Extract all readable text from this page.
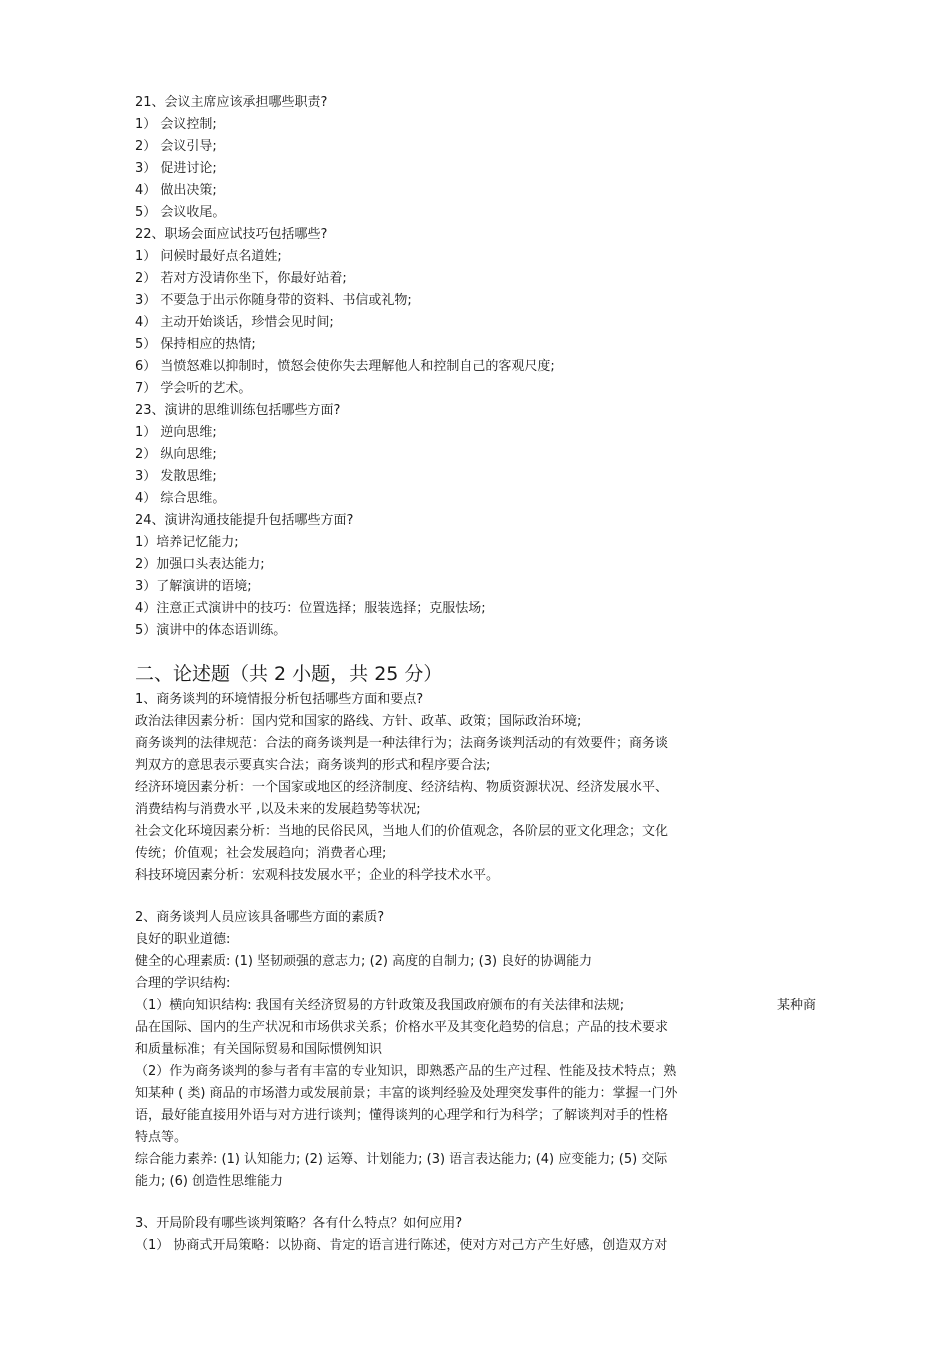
21、会议主席应该承担哪些职责?
1） 会议控制;
2） 会议引导;
3） 促进讨论;
4） 做出决策;
5） 会议收尾。
22、职场会面应试技巧包括哪些?
1） 问候时最好点名道姓;
2） 若对方没请你坐下，你最好站着;
3） 不要急于出示你随身带的资料、书信或礼物;
4） 主动开始谈话，珍惜会见时间;
5） 保持相应的热情;
6） 当愤怒难以抑制时，愤怒会使你失去理解他人和控制自己的客观尺度;
7） 学会听的艺术。
23、演讲的思维训练包括哪些方面?
1） 逆向思维;
2） 纵向思维;
3） 发散思维;
4） 综合思维。
24、演讲沟通技能提升包括哪些方面?
1）培养记忆能力;
2）加强口头表达能力;
3）了解演讲的语境;
4）注意正式演讲中的技巧：位置选择；服装选择；克服怯场;
5）演讲中的体态语训练。
二、论述题（共 2 小题，共 25 分）
1、商务谈判的环境情报分析包括哪些方面和要点?
政治法律因素分析：国内党和国家的路线、方针、政革、政策；国际政治环境;
商务谈判的法律规范：合法的商务谈判是一种法律行为；法商务谈判活动的有效要件；商务谈
判双方的意思表示要真实合法；商务谈判的形式和程序要合法;
经济环境因素分析：一个国家或地区的经济制度、经济结构、物质资源状况、经济发展水平、
消费结构与消费水平 ,以及未来的发展趋势等状况;
社会文化环境因素分析：当地的民俗民风，当地人们的价值观念，各阶层的亚文化理念；文化
传统；价值观；社会发展趋向；消费者心理;
科技环境因素分析：宏观科技发展水平；企业的科学技术水平。
2、商务谈判人员应该具备哪些方面的素质?
良好的职业道德:
健全的心理素质: (1) 坚韧顽强的意志力; (2) 高度的自制力; (3) 良好的协调能力
合理的学识结构:
（1）横向知识结构: 我国有关经济贸易的方针政策及我国政府颁布的有关法律和法规;	某种商
品在国际、国内的生产状况和市场供求关系；价格水平及其变化趋势的信息；产品的技术要求
和质量标准；有关国际贸易和国际惯例知识
（2）作为商务谈判的参与者有丰富的专业知识，即熟悉产品的生产过程、性能及技术特点；熟
知某种 ( 类) 商品的市场潜力或发展前景；丰富的谈判经验及处理突发事件的能力：掌握一门外
语，最好能直接用外语与对方进行谈判；懂得谈判的心理学和行为科学；了解谈判对手的性格
特点等。
综合能力素养: (1) 认知能力; (2) 运筹、计划能力; (3) 语言表达能力; (4) 应变能力; (5) 交际
能力; (6) 创造性思维能力
3、开局阶段有哪些谈判策略？各有什么特点？如何应用?
（1） 协商式开局策略：以协商、肯定的语言进行陈述，使对方对己方产生好感，创造双方对
